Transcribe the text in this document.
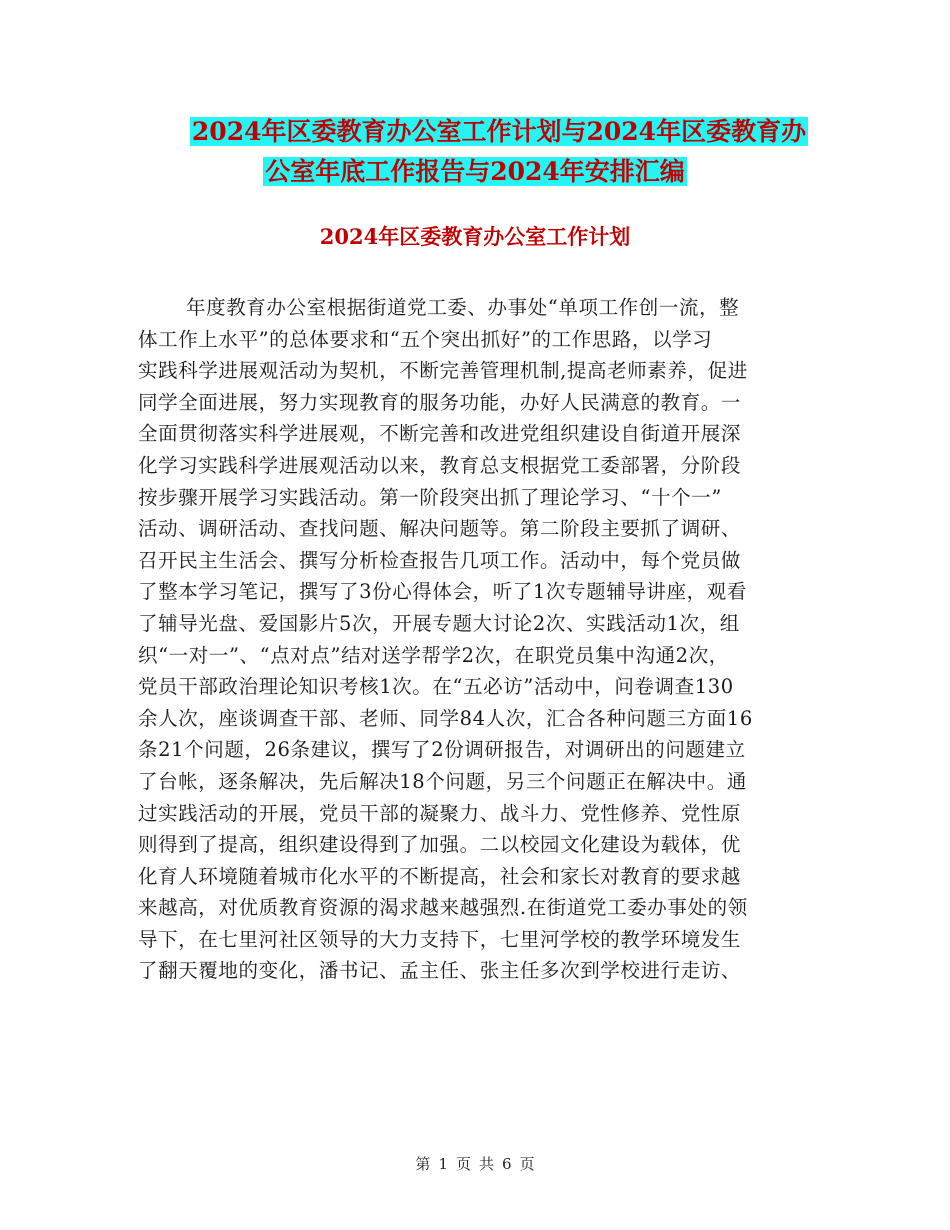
2024年区委教育办公室工作计划与2024年区委教育办
公室年底工作报告与2024年安排汇编
2024年区委教育办公室工作计划
年度教育办公室根据街道党工委、办事处“单项工作创一流，整
体工作上水平”的总体要求和“五个突出抓好”的工作思路，以学习
实践科学进展观活动为契机，不断完善管理机制,提高老师素养，促进
同学全面进展，努力实现教育的服务功能，办好人民满意的教育。一
全面贯彻落实科学进展观，不断完善和改进党组织建设自街道开展深
化学习实践科学进展观活动以来，教育总支根据党工委部署，分阶段
按步骤开展学习实践活动。第一阶段突出抓了理论学习、“十个一”
活动、调研活动、查找问题、解决问题等。第二阶段主要抓了调研、
召开民主生活会、撰写分析检查报告几项工作。活动中，每个党员做
了整本学习笔记，撰写了3份心得体会，听了1次专题辅导讲座，观看
了辅导光盘、爱国影片5次，开展专题大讨论2次、实践活动1次，组
织“一对一”、“点对点”结对送学帮学2次，在职党员集中沟通2次，
党员干部政治理论知识考核1次。在“五必访”活动中，问卷调查130
余人次，座谈调查干部、老师、同学84人次，汇合各种问题三方面16
条21个问题，26条建议，撰写了2份调研报告，对调研出的问题建立
了台帐，逐条解决，先后解决18个问题，另三个问题正在解决中。通
过实践活动的开展，党员干部的凝聚力、战斗力、党性修养、党性原
则得到了提高，组织建设得到了加强。二以校园文化建设为载体，优
化育人环境随着城市化水平的不断提高，社会和家长对教育的要求越
来越高，对优质教育资源的渴求越来越强烈.在街道党工委办事处的领
导下，在七里河社区领导的大力支持下，七里河学校的教学环境发生
了翻天覆地的变化，潘书记、孟主任、张主任多次到学校进行走访、
第 1 页 共 6 页
